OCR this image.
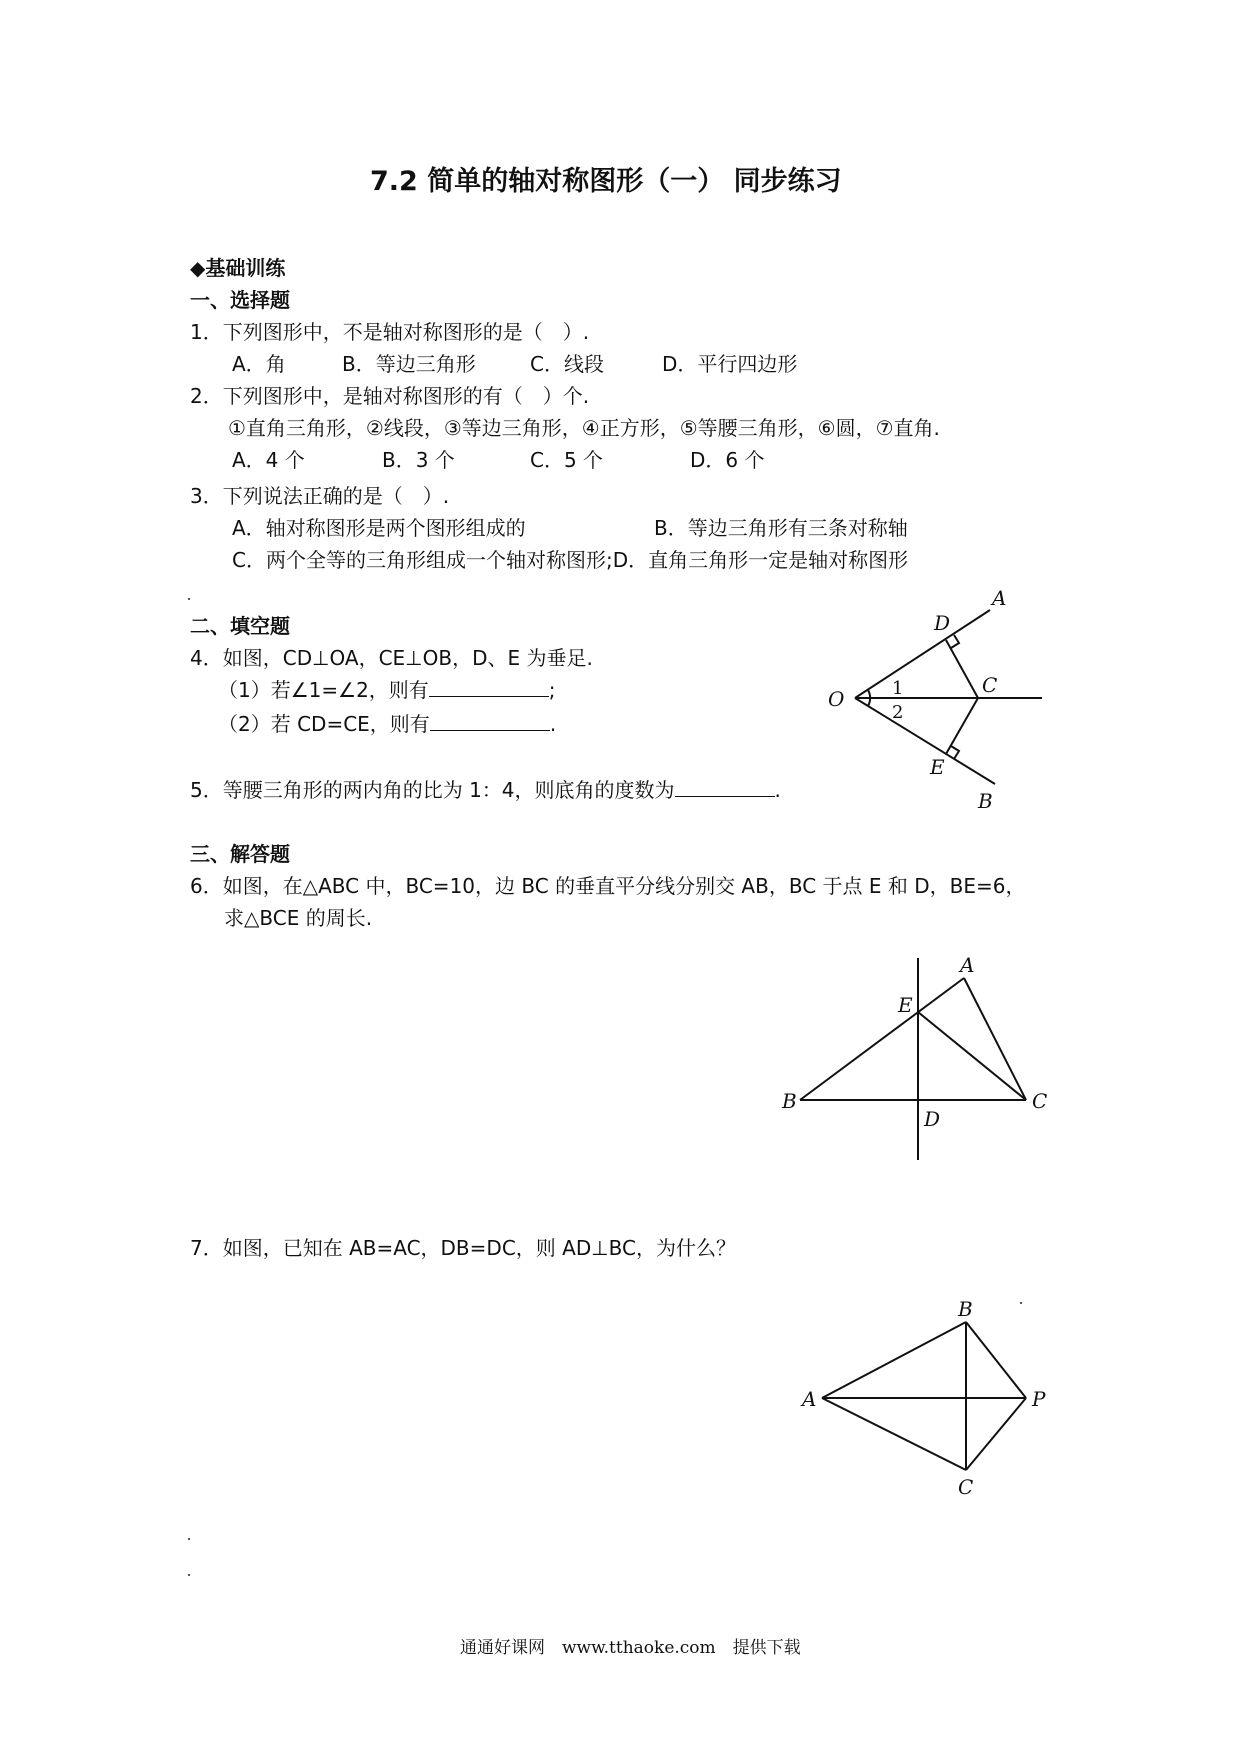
7.2 简单的轴对称图形（一） 同步练习
◆基础训练
一、选择题
1．下列图形中，不是轴对称图形的是（　）.
A．角	B．等边三角形	C．线段	D．平行四边形
2．下列图形中，是轴对称图形的有（　）个.
①直角三角形，②线段，③等边三角形，④正方形，⑤等腰三角形，⑥圆，⑦直角.
A．4 个	B．3 个	C．5 个	D．6 个
3．下列说法正确的是（　）.
A．轴对称图形是两个图形组成的	B．等边三角形有三条对称轴
C．两个全等的三角形组成一个轴对称图形;D．直角三角形一定是轴对称图形
二、填空题
4．如图，CD⊥OA，CE⊥OB，D、E 为垂足.
（1）若∠1=∠2，则有	;
（2）若 CD=CE，则有	.
5．等腰三角形的两内角的比为 1：4，则底角的度数为	.
A
D
O
C
1
2
E
B
三、解答题
6．如图，在△ABC 中，BC=10，边 BC 的垂直平分线分别交 AB，BC 于点 E 和 D，BE=6，
求△BCE 的周长.
A
E
B	C
D
7．如图，已知在 AB=AC，DB=DC，则 AD⊥BC，为什么？
B
A	P
C
通通好课网　www.tthaoke.com　提供下载
